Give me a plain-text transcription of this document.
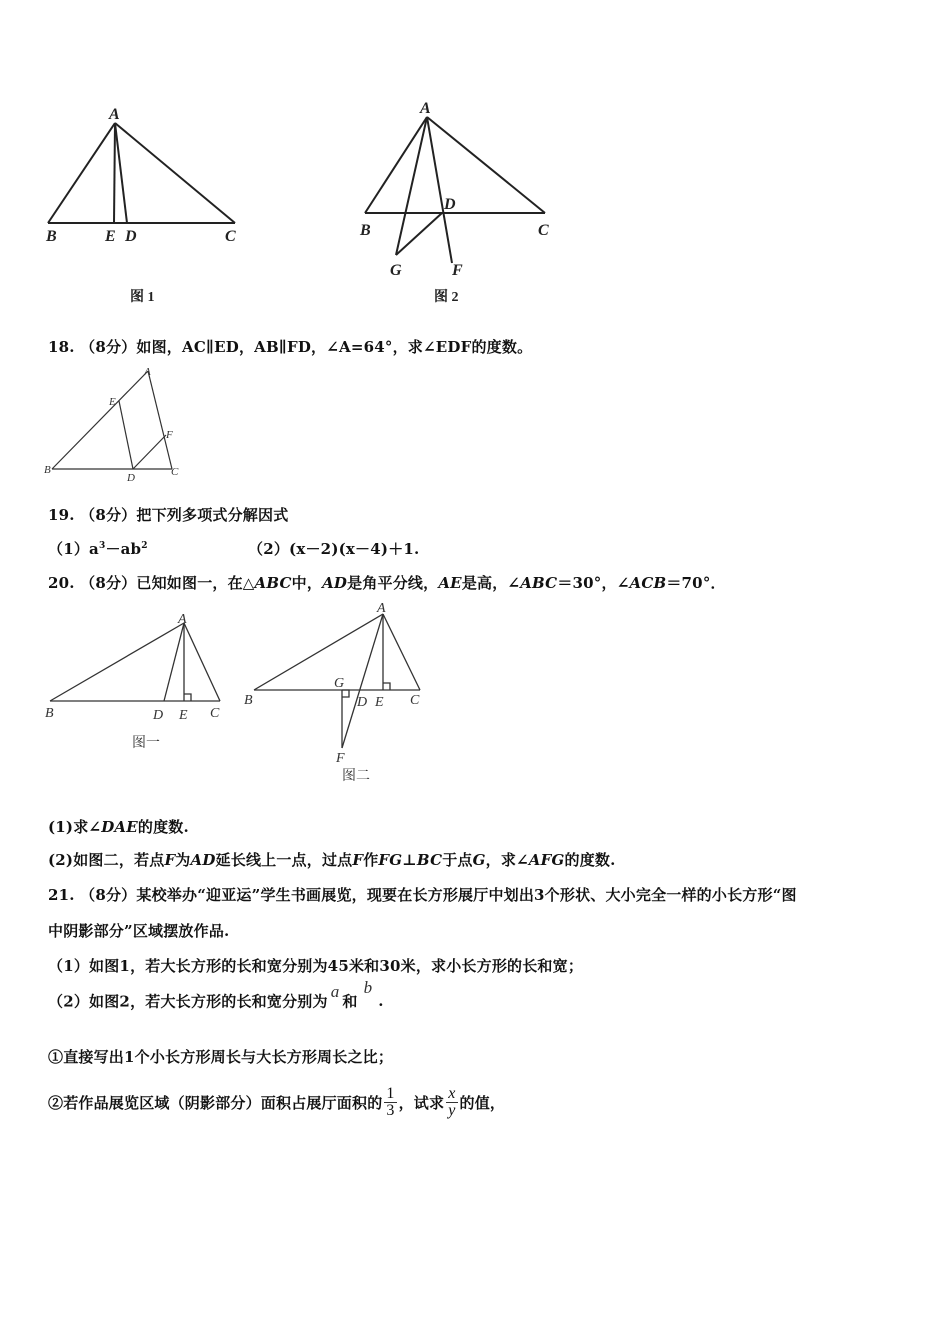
A
B	E D	C
图 1
A
B
D
C
G	F
图 2
18. （8分）如图，AC∥ED，AB∥FD，∠A=64°，求∠EDF的度数。
A
E
F
B
D	C
19. （8分）把下列多项式分解因式
$(1)a^3-ab^2$	（2）(x－2)(x－4)＋1.
20. （8分）已知如图一，在△ABC中，AD是角平分线，AE是高，∠ABC＝30°，∠ACB＝70°．
A
B	D E C
图一
A
B
G
D E C
F
图二
(1)求∠DAE的度数.
(2)如图二，若点F为AD延长线上一点，过点F作FG⊥BC于点G，求∠AFG的度数.
21. （8分）某校举办“迎亚运”学生书画展览，现要在长方形展厅中划出3个形状、大小完全一样的小长方形“图
中阴影部分”区域摆放作品.
（1）如图1，若大长方形的长和宽分别为45米和30米，求小长方形的长和宽；
（2）如图2，若大长方形的长和宽分别为a和b.
①直接写出1个小长方形周长与大长方形周长之比；
②若作品展览区域（阴影部分）面积占展厅面积的 $\frac{1}{3}$ ，试求 $\frac{x}{y}$ 的值，
